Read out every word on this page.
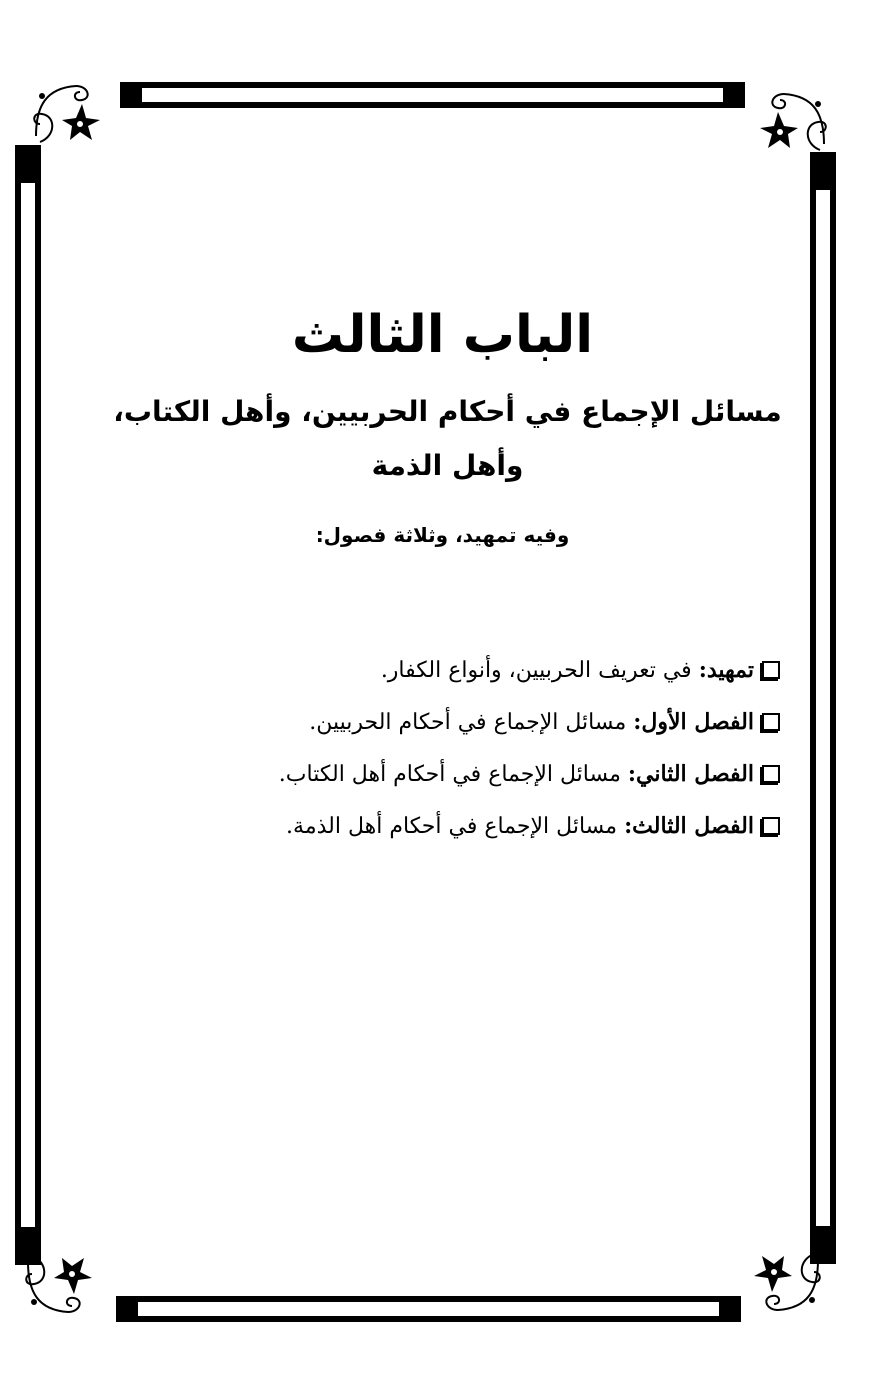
الباب الثالث
مسائل الإجماع في أحكام الحربيين، وأهل الكتاب، وأهل الذمة
وفيه تمهيد، وثلاثة فصول:
تمهيد: في تعريف الحربيين، وأنواع الكفار.
الفصل الأول: مسائل الإجماع في أحكام الحربيين.
الفصل الثاني: مسائل الإجماع في أحكام أهل الكتاب.
الفصل الثالث: مسائل الإجماع في أحكام أهل الذمة.
